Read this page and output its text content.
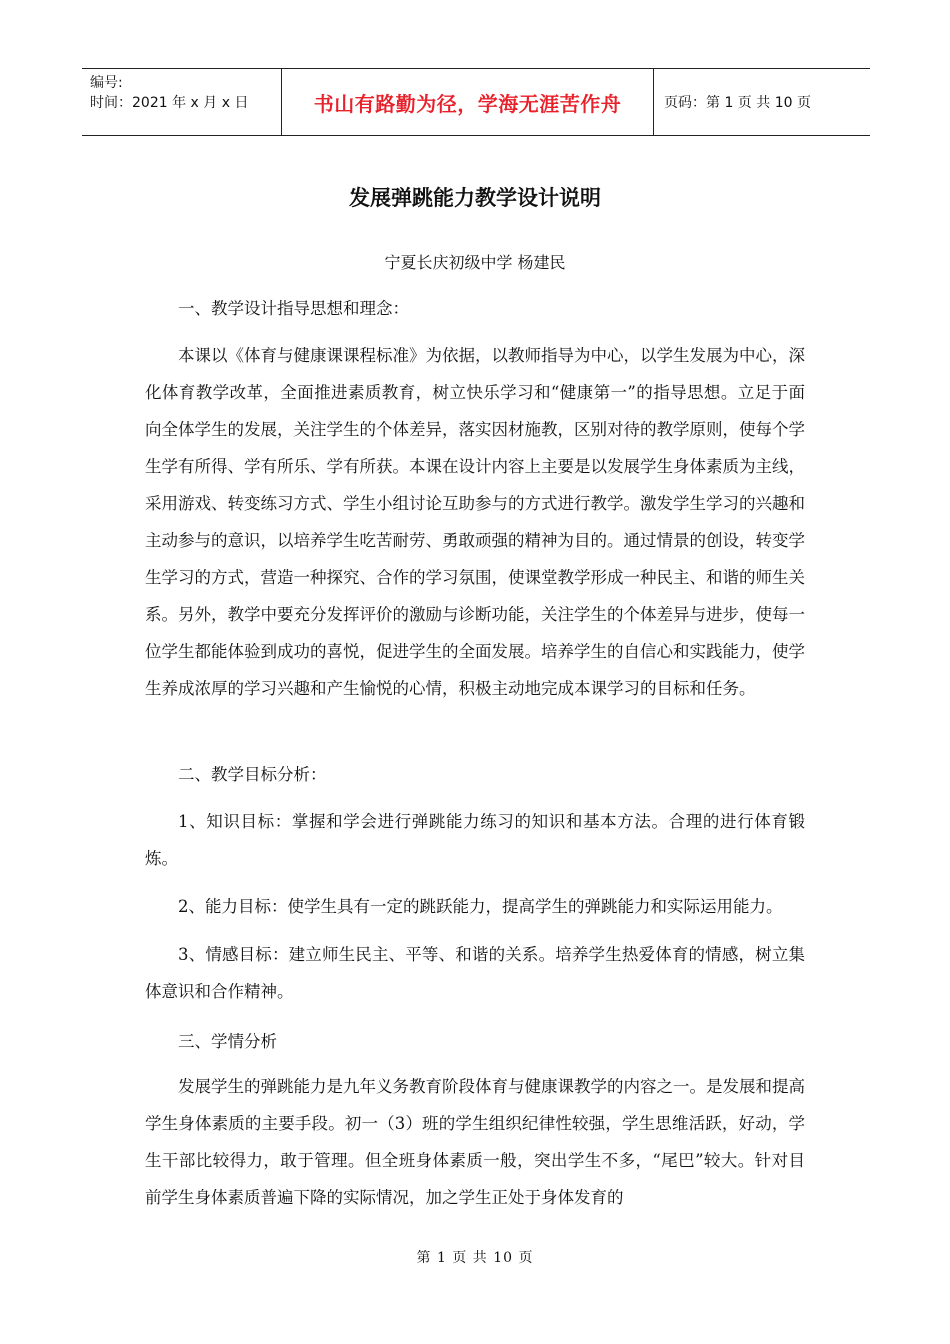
编号:
时间：2021 年 x 月 x 日	书山有路勤为径，学海无涯苦作舟	页码：第 1 页 共 10 页
发展弹跳能力教学设计说明
宁夏长庆初级中学 杨建民

一、教学设计指导思想和理念：

本课以《体育与健康课课程标准》为依据，以教师指导为中心，以学生发展为中心，深化体育教学改革，全面推进素质教育，树立快乐学习和“健康第一”的指导思想。立足于面向全体学生的发展，关注学生的个体差异，落实因材施教，区别对待的教学原则，使每个学生学有所得、学有所乐、学有所获。本课在设计内容上主要是以发展学生身体素质为主线，采用游戏、转变练习方式、学生小组讨论互助参与的方式进行教学。激发学生学习的兴趣和主动参与的意识，以培养学生吃苦耐劳、勇敢顽强的精神为目的。通过情景的创设，转变学生学习的方式，营造一种探究、合作的学习氛围，使课堂教学形成一种民主、和谐的师生关系。另外，教学中要充分发挥评价的激励与诊断功能，关注学生的个体差异与进步，使每一位学生都能体验到成功的喜悦，促进学生的全面发展。培养学生的自信心和实践能力，使学生养成浓厚的学习兴趣和产生愉悦的心情，积极主动地完成本课学习的目标和任务。

二、教学目标分析：

1、知识目标：掌握和学会进行弹跳能力练习的知识和基本方法。合理的进行体育锻炼。

2、能力目标：使学生具有一定的跳跃能力，提高学生的弹跳能力和实际运用能力。

3、情感目标：建立师生民主、平等、和谐的关系。培养学生热爱体育的情感，树立集体意识和合作精神。

三、学情分析

发展学生的弹跳能力是九年义务教育阶段体育与健康课教学的内容之一。是发展和提高学生身体素质的主要手段。初一（3）班的学生组织纪律性较强，学生思维活跃，好动，学生干部比较得力，敢于管理。但全班身体素质一般，突出学生不多，“尾巴”较大。针对目前学生身体素质普遍下降的实际情况，加之学生正处于身体发育的

第 1 页 共 10 页
